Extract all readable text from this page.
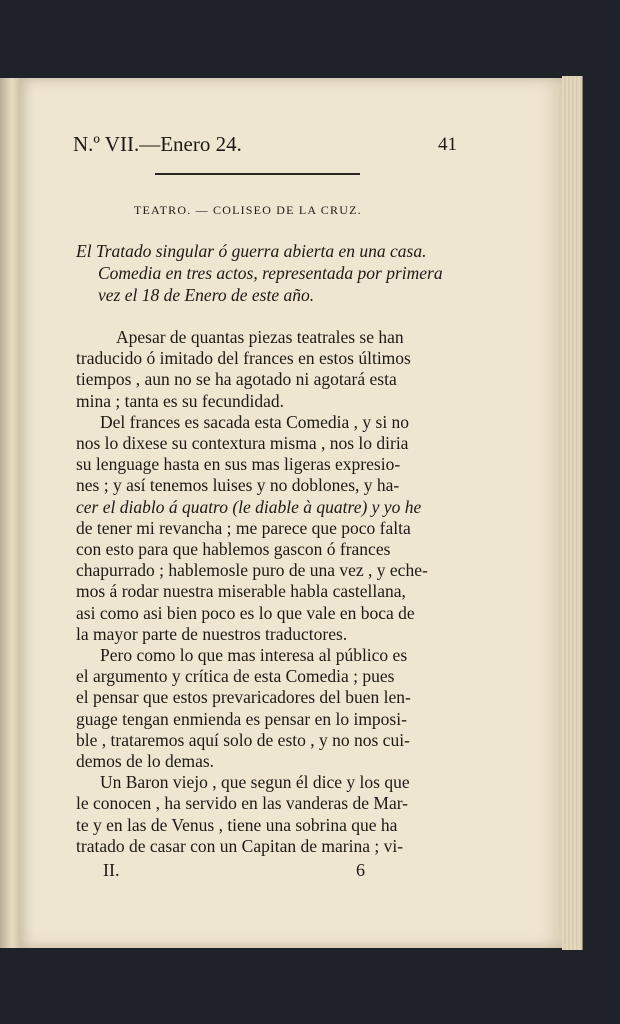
N.º VII.—Enero 24.	41
TEATRO. — COLISEO DE LA CRUZ.
El Tratado singular ó guerra abierta en una casa.
Comedia en tres actos, representada por primera
vez el 18 de Enero de este año.
Apesar de quantas piezas teatrales se han
traducido ó imitado del frances en estos últimos
tiempos , aun no se ha agotado ni agotará esta
mina ; tanta es su fecundidad.
Del frances es sacada esta Comedia , y si no
nos lo dixese su contextura misma , nos lo diria
su lenguage hasta en sus mas ligeras expresio-
nes ; y así tenemos luises y no doblones, y ha-
cer el diablo á quatro (le diable à quatre) y yo he
de tener mi revancha ; me parece que poco falta
con esto para que hablemos gascon ó frances
chapurrado ; hablemosle puro de una vez , y eche-
mos á rodar nuestra miserable habla castellana,
asi como asi bien poco es lo que vale en boca de
la mayor parte de nuestros traductores.
Pero como lo que mas interesa al público es
el argumento y crítica de esta Comedia ; pues
el pensar que estos prevaricadores del buen len-
guage tengan enmienda es pensar en lo imposi-
ble , trataremos aquí solo de esto , y no nos cui-
demos de lo demas.
Un Baron viejo , que segun él dice y los que
le conocen , ha servido en las vanderas de Mar-
te y en las de Venus , tiene una sobrina que ha
tratado de casar con un Capitan de marina ; vi-
II.	6
